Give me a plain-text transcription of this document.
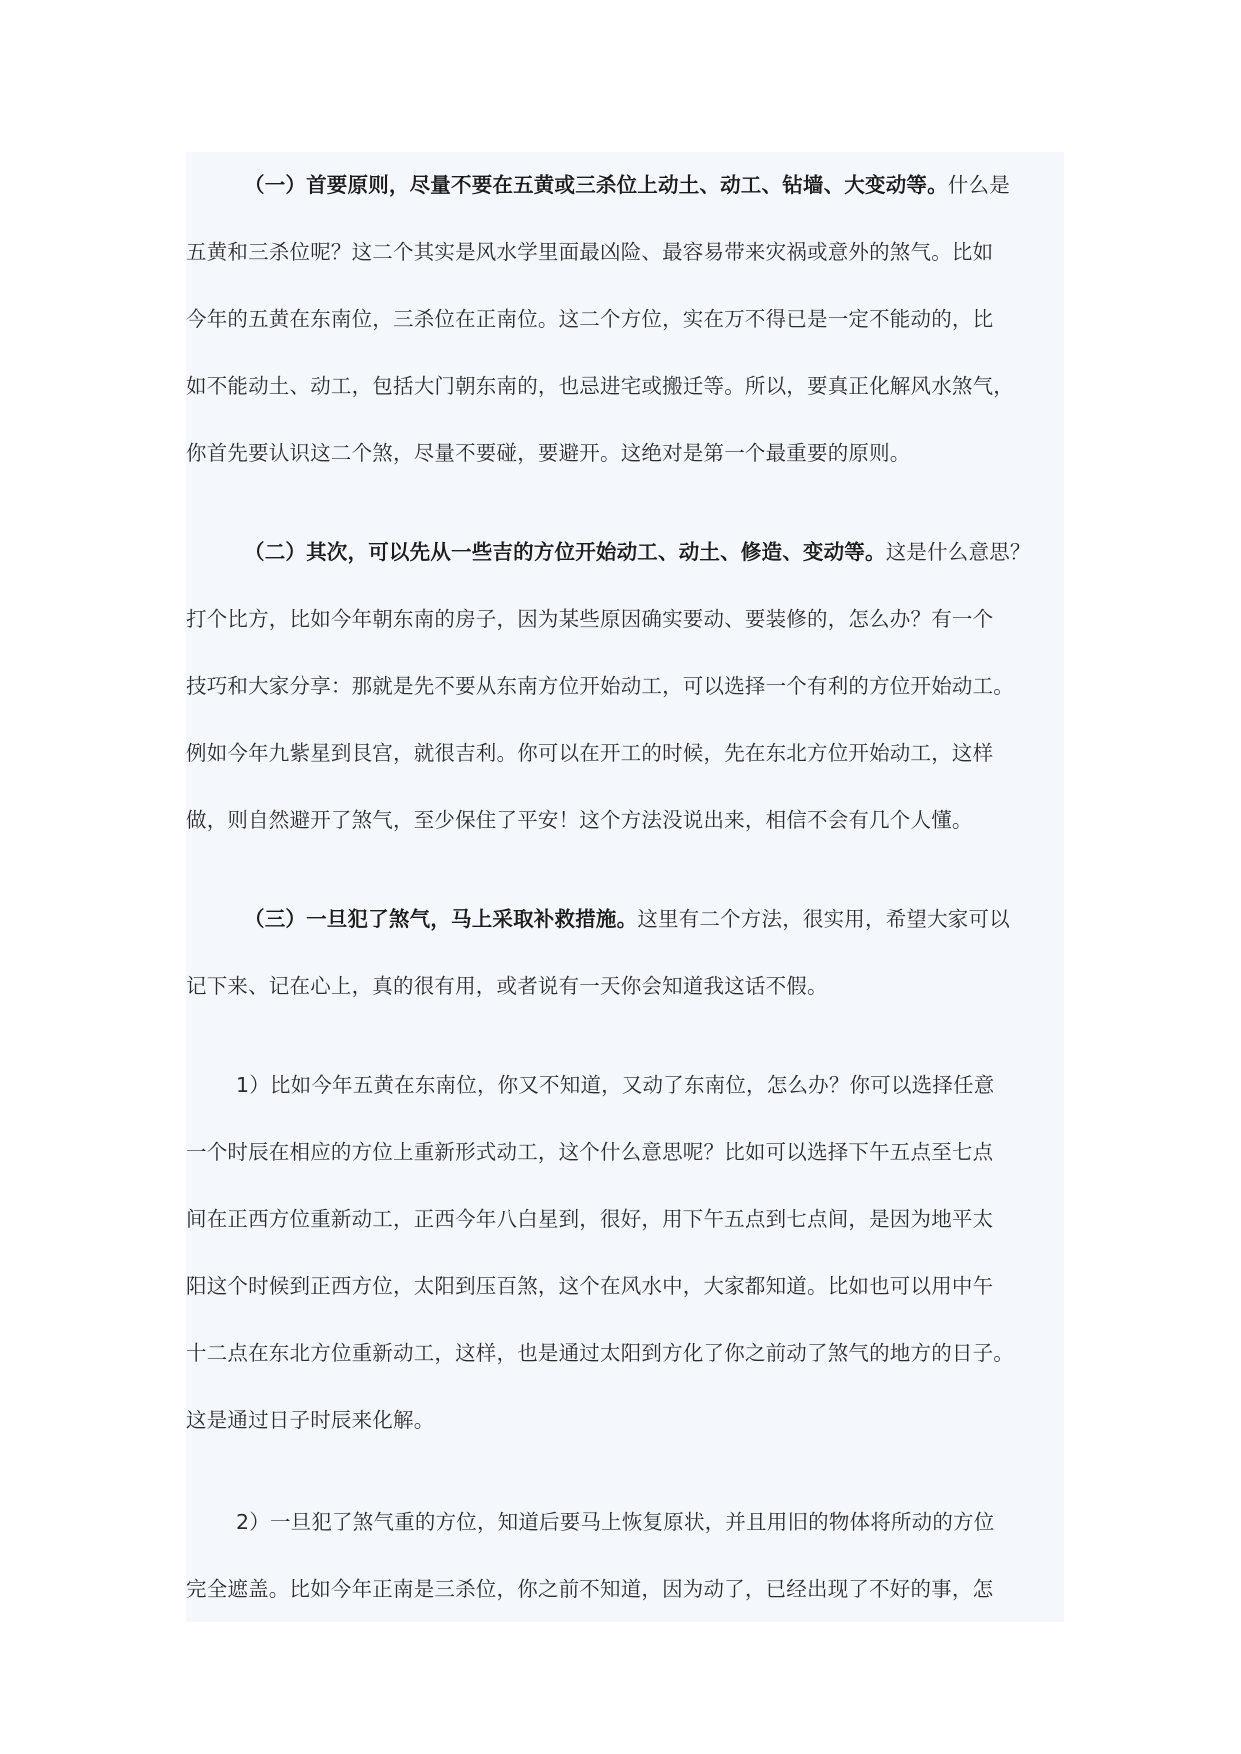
（一）首要原则，尽量不要在五黄或三杀位上动土、动工、钻墙、大变动等。什么是
五黄和三杀位呢？这二个其实是风水学里面最凶险、最容易带来灾祸或意外的煞气。比如
今年的五黄在东南位，三杀位在正南位。这二个方位，实在万不得已是一定不能动的，比
如不能动土、动工，包括大门朝东南的，也忌进宅或搬迁等。所以，要真正化解风水煞气，
你首先要认识这二个煞，尽量不要碰，要避开。这绝对是第一个最重要的原则。
（二）其次，可以先从一些吉的方位开始动工、动土、修造、变动等。这是什么意思？
打个比方，比如今年朝东南的房子，因为某些原因确实要动、要装修的，怎么办？有一个
技巧和大家分享：那就是先不要从东南方位开始动工，可以选择一个有利的方位开始动工。
例如今年九紫星到艮宫，就很吉利。你可以在开工的时候，先在东北方位开始动工，这样
做，则自然避开了煞气，至少保住了平安！这个方法没说出来，相信不会有几个人懂。
（三）一旦犯了煞气，马上采取补救措施。这里有二个方法，很实用，希望大家可以
记下来、记在心上，真的很有用，或者说有一天你会知道我这话不假。
1）比如今年五黄在东南位，你又不知道，又动了东南位，怎么办？你可以选择任意
一个时辰在相应的方位上重新形式动工，这个什么意思呢？比如可以选择下午五点至七点
间在正西方位重新动工，正西今年八白星到，很好，用下午五点到七点间，是因为地平太
阳这个时候到正西方位，太阳到压百煞，这个在风水中，大家都知道。比如也可以用中午
十二点在东北方位重新动工，这样，也是通过太阳到方化了你之前动了煞气的地方的日子。
这是通过日子时辰来化解。
2）一旦犯了煞气重的方位，知道后要马上恢复原状，并且用旧的物体将所动的方位
完全遮盖。比如今年正南是三杀位，你之前不知道，因为动了，已经出现了不好的事，怎
